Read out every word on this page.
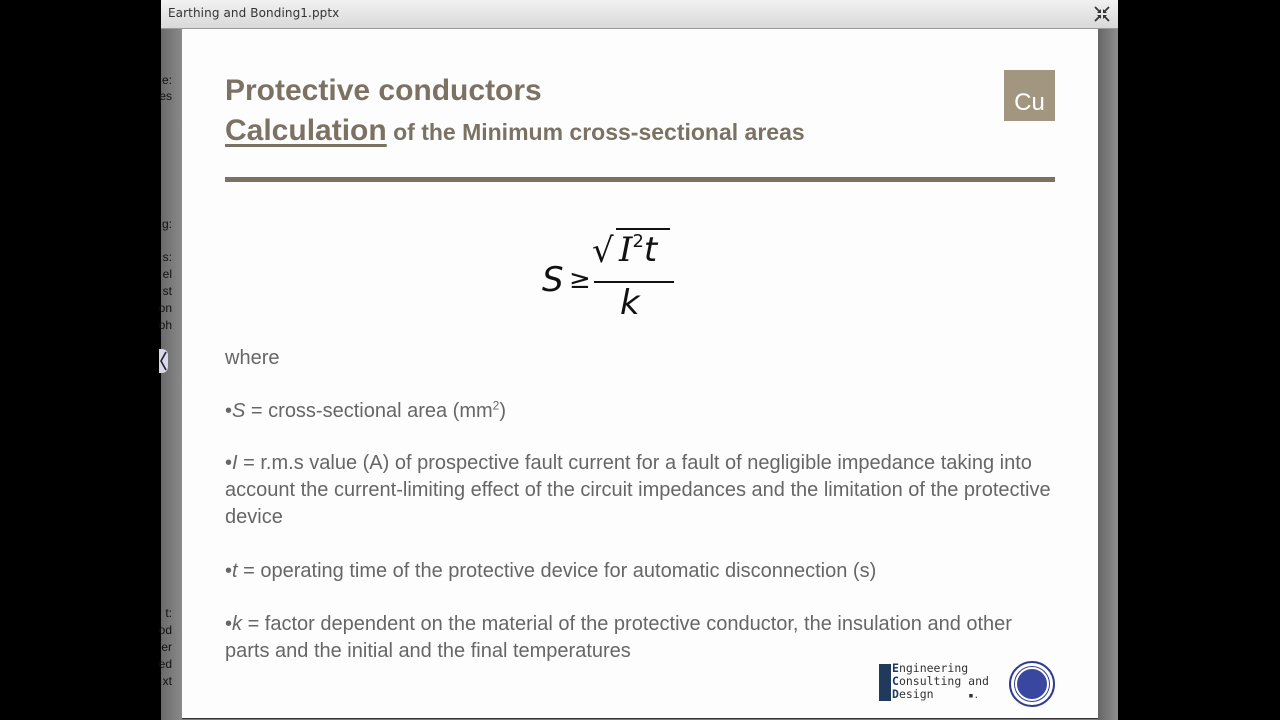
Earthing and Bonding1.pptx
e:
es
g:
s:
el
st
on
oh
t:
od
er
ed
xt
Protective conductors
Calculation of the Minimum cross-sectional areas
Cu
S ≥
√ $I^2t$
k
where
•S = cross-sectional area $(mm^2)$
•I = r.m.s value (A) of prospective fault current for a fault of negligible impedance taking into account the current-limiting effect of the circuit impedances and the limitation of the protective device
•t = operating time of the protective device for automatic disconnection (s)
•k = factor dependent on the material of the protective conductor, the insulation and other parts and the initial and the final temperatures
Engineering
Consulting and
Design	▪.
